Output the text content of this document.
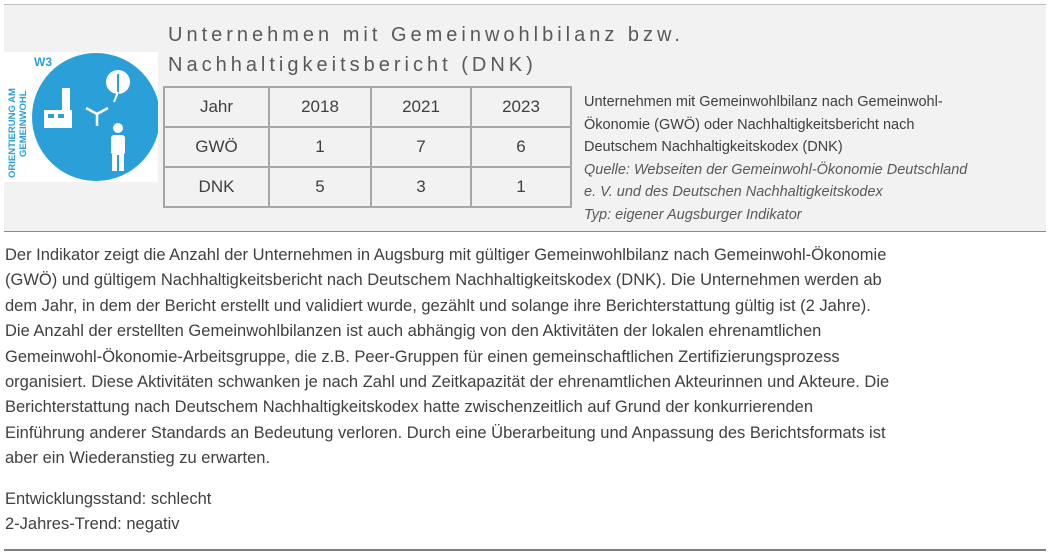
Unternehmen mit Gemeinwohlbilanz bzw.
Nachhaltigkeitsbericht (DNK)
W3
ORIENTIERUNG AM GEMEINWOHL	Jahr	2018	2021	2023
GWÖ	1	7	6
DNK	5	3	1
Unternehmen mit Gemeinwohlbilanz nach Gemeinwohl-
Ökonomie (GWÖ) oder Nachhaltigkeitsbericht nach
Deutschem Nachhaltigkeitskodex (DNK)
Quelle: Webseiten der Gemeinwohl-Ökonomie Deutschland
e. V. und des Deutschen Nachhaltigkeitskodex
Typ: eigener Augsburger Indikator
Der Indikator zeigt die Anzahl der Unternehmen in Augsburg mit gültiger Gemeinwohlbilanz nach Gemeinwohl-Ökonomie
(GWÖ) und gültigem Nachhaltigkeitsbericht nach Deutschem Nachhaltigkeitskodex (DNK). Die Unternehmen werden ab
dem Jahr, in dem der Bericht erstellt und validiert wurde, gezählt und solange ihre Berichterstattung gültig ist (2 Jahre).
Die Anzahl der erstellten Gemeinwohlbilanzen ist auch abhängig von den Aktivitäten der lokalen ehrenamtlichen
Gemeinwohl-Ökonomie-Arbeitsgruppe, die z.B. Peer-Gruppen für einen gemeinschaftlichen Zertifizierungsprozess
organisiert. Diese Aktivitäten schwanken je nach Zahl und Zeitkapazität der ehrenamtlichen Akteurinnen und Akteure. Die
Berichterstattung nach Deutschem Nachhaltigkeitskodex hatte zwischenzeitlich auf Grund der konkurrierenden
Einführung anderer Standards an Bedeutung verloren. Durch eine Überarbeitung und Anpassung des Berichtsformats ist
aber ein Wiederanstieg zu erwarten.
Entwicklungsstand: schlecht
2-Jahres-Trend: negativ
